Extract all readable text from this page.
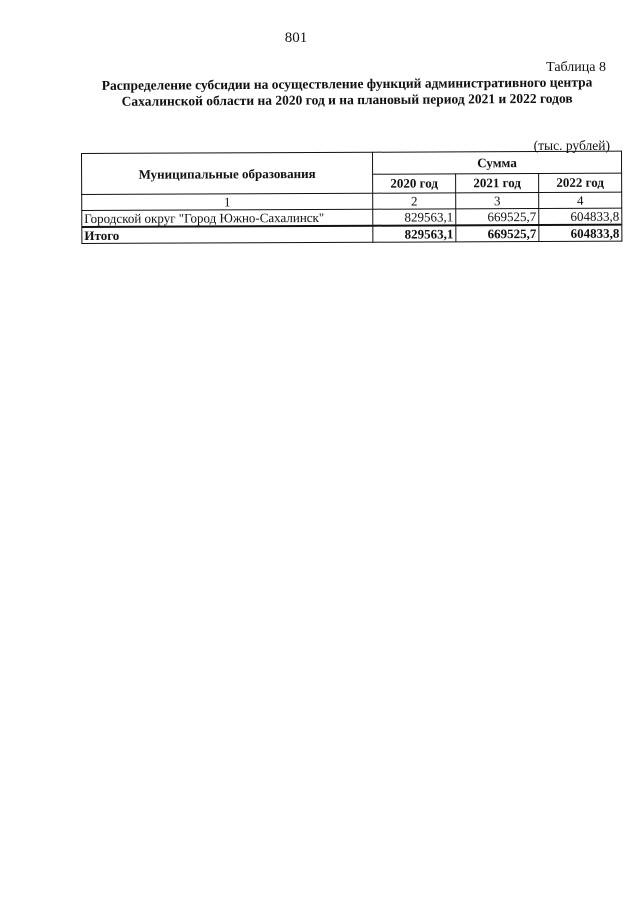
801
Таблица 8
Распределение субсидии на осуществление функций административного центра
Сахалинской области на 2020 год и на плановый период 2021 и 2022 годов
(тыс. рублей)
Муниципальные образования	Сумма		
	2020 год	2021 год	2022 год
1	2	3	4
Городской округ "Город Южно-Сахалинск"	829563,1	669525,7	604833,8
Итого	829563,1	669525,7	604833,8
